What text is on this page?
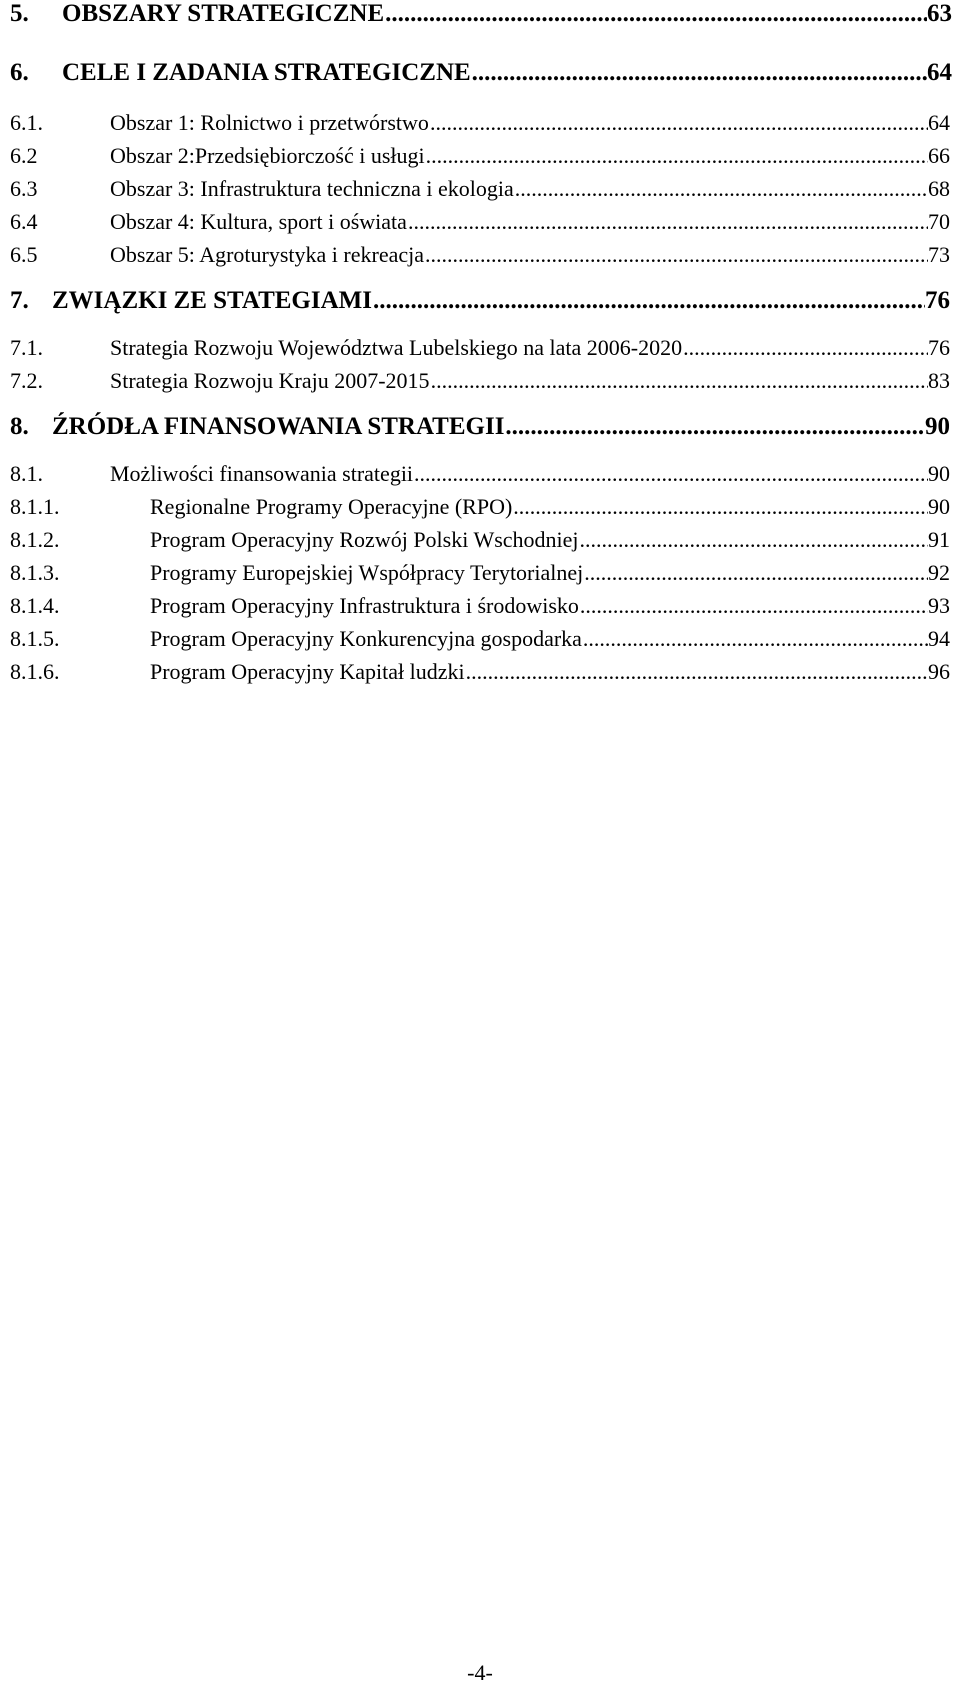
5.	OBSZARY STRATEGICZNE .....	63
6.	CELE I ZADANIA STRATEGICZNE .....	64
6.1.	Obszar 1: Rolnictwo i przetwórstwo .....	64
6.2	Obszar 2:Przedsiębiorczość i usługi .....	66
6.3	Obszar 3: Infrastruktura techniczna i ekologia .....	68
6.4	Obszar 4: Kultura, sport i oświata .....	70
6.5	Obszar 5: Agroturystyka i rekreacja .....	73
7. ZWIĄZKI ZE STATEGIAMI .....	76
7.1.	Strategia Rozwoju Województwa Lubelskiego na lata 2006-2020 .....	76
7.2.	Strategia Rozwoju Kraju 2007-2015 .....	83
8. ŹRÓDŁA FINANSOWANIA STRATEGII .....	90
8.1.	Możliwości finansowania strategii .....	90
8.1.1.	Regionalne Programy Operacyjne (RPO) .....	90
8.1.2.	Program Operacyjny Rozwój Polski Wschodniej .....	91
8.1.3.	Programy Europejskiej Współpracy Terytorialnej .....	92
8.1.4.	Program Operacyjny Infrastruktura i środowisko .....	93
8.1.5.	Program Operacyjny Konkurencyjna gospodarka .....	94
8.1.6.	Program Operacyjny Kapitał ludzki .....	96
-4-
